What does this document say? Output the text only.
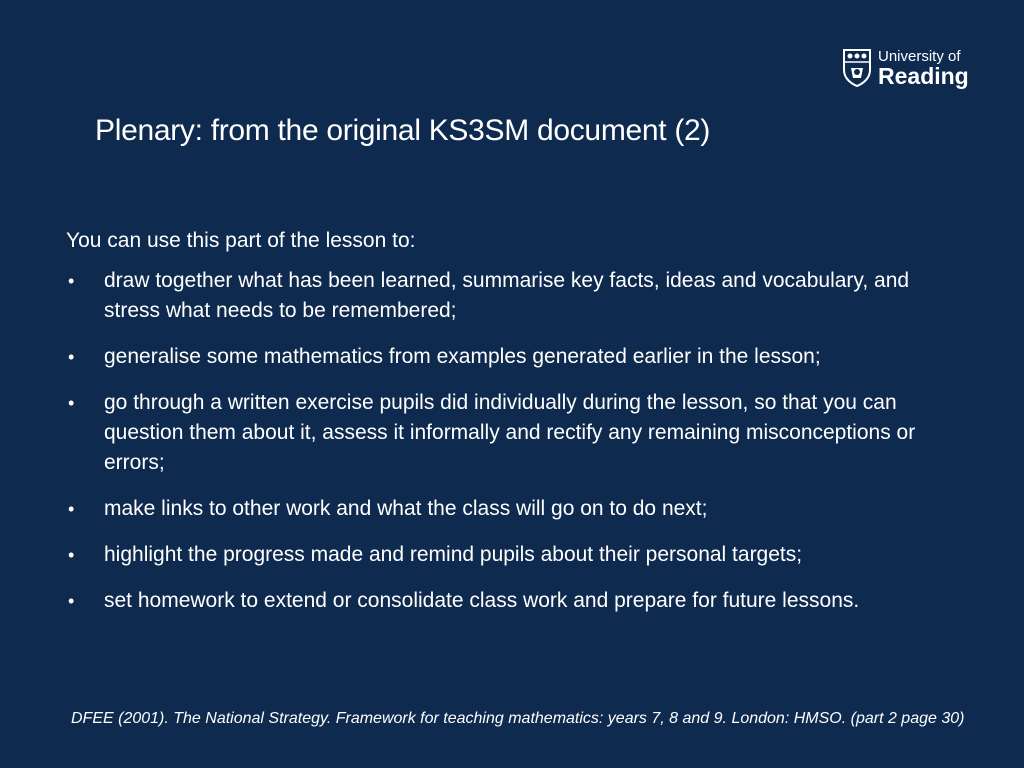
University of
Reading
Plenary: from the original KS3SM document (2)

You can use this part of the lesson to:

• draw together what has been learned, summarise key facts, ideas and vocabulary, and stress what needs to be remembered;
• generalise some mathematics from examples generated earlier in the lesson;
• go through a written exercise pupils did individually during the lesson, so that you can question them about it, assess it informally and rectify any remaining misconceptions or errors;
• make links to other work and what the class will go on to do next;
• highlight the progress made and remind pupils about their personal targets;
• set homework to extend or consolidate class work and prepare for future lessons.
DFEE (2001). The National Strategy. Framework for teaching mathematics: years 7, 8 and 9. London: HMSO. (part 2 page 30)
